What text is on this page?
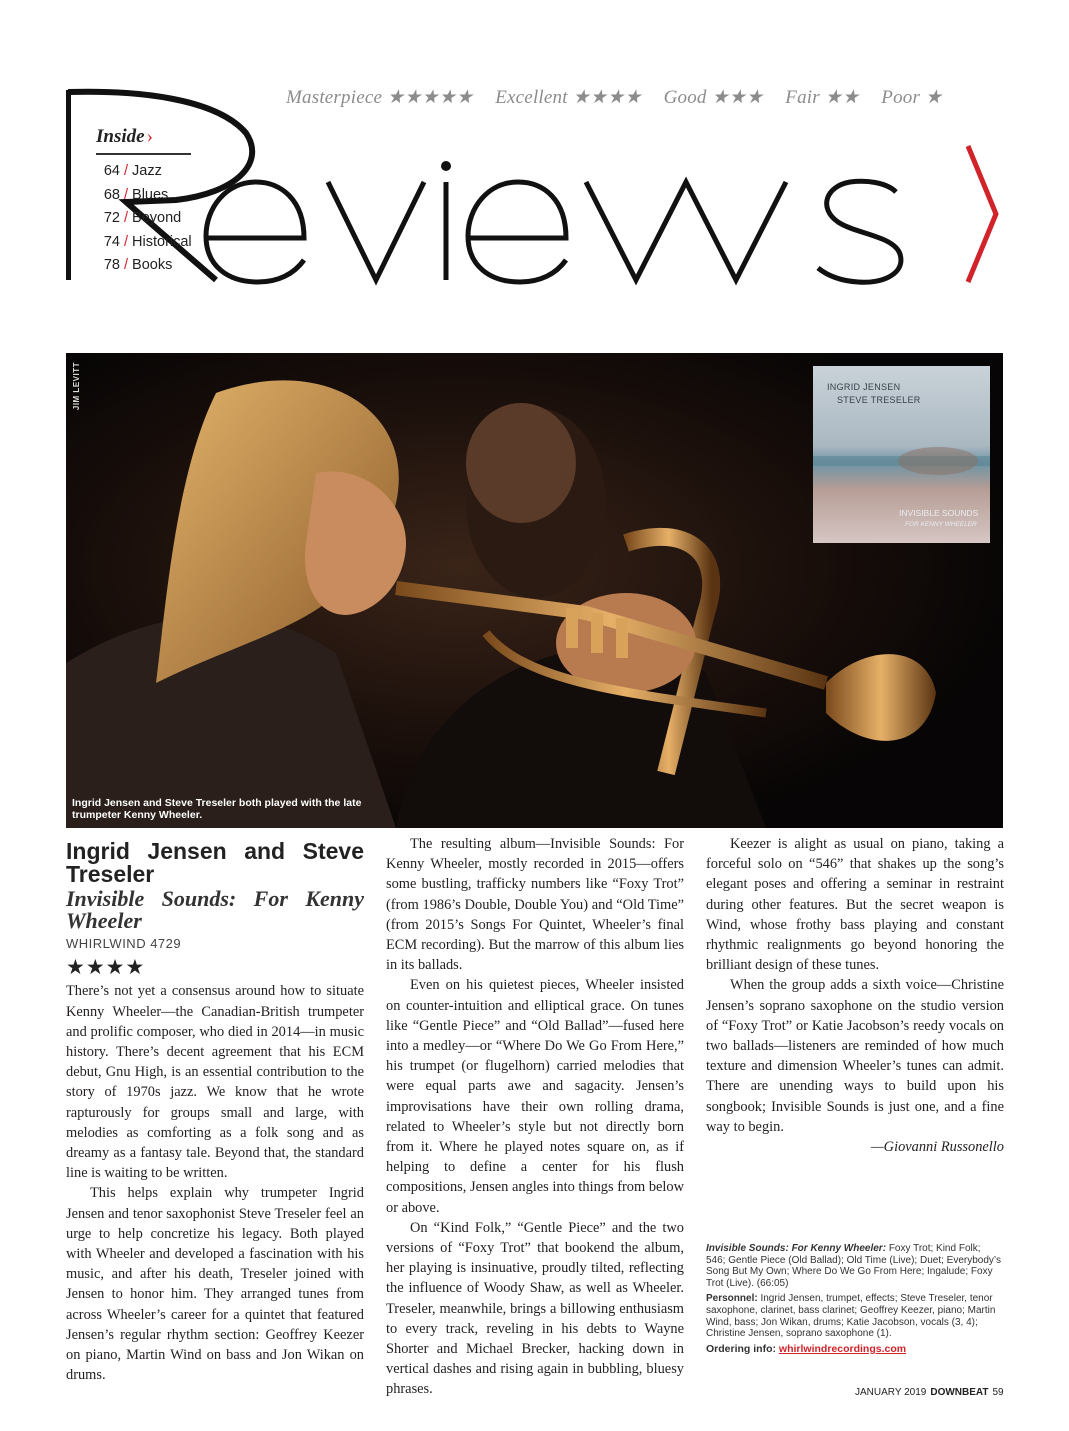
Masterpiece ★★★★★ Excellent ★★★★ Good ★★★ Fair ★★ Poor ★
Inside ›
64 / Jazz
68 / Blues
72 / Beyond
74 / Historical
78 / Books
JIM LEVITT
Ingrid Jensen and Steve Treseler both played with the late trumpeter Kenny Wheeler.
INGRID JENSEN
STEVE TRESELER
INVISIBLE SOUNDS
FOR KENNY WHEELER
Ingrid Jensen and Steve Treseler
Invisible Sounds: For Kenny Wheeler
WHIRLWIND 4729
★★★★

There’s not yet a consensus around how to situate Kenny Wheeler—the Canadian-British trumpeter and prolific composer, who died in 2014—in music history. There’s decent agreement that his ECM debut, Gnu High, is an essential contribution to the story of 1970s jazz. We know that he wrote rapturously for groups small and large, with melodies as comforting as a folk song and as dreamy as a fantasy tale. Beyond that, the standard line is waiting to be written.

This helps explain why trumpeter Ingrid Jensen and tenor saxophonist Steve Treseler feel an urge to help concretize his legacy. Both played with Wheeler and developed a fascination with his music, and after his death, Treseler joined with Jensen to honor him. They arranged tunes from across Wheeler’s career for a quintet that featured Jensen’s regular rhythm section: Geoffrey Keezer on piano, Martin Wind on bass and Jon Wikan on drums.

The resulting album—Invisible Sounds: For Kenny Wheeler, mostly recorded in 2015—offers some bustling, trafficky numbers like “Foxy Trot” (from 1986’s Double, Double You) and “Old Time” (from 2015’s Songs For Quintet, Wheeler’s final ECM recording). But the marrow of this album lies in its ballads.

Even on his quietest pieces, Wheeler insisted on counter-intuition and elliptical grace. On tunes like “Gentle Piece” and “Old Ballad”—fused here into a medley—or “Where Do We Go From Here,” his trumpet (or flugelhorn) carried melodies that were equal parts awe and sagacity. Jensen’s improvisations have their own rolling drama, related to Wheeler’s style but not directly born from it. Where he played notes square on, as if helping to define a center for his flush compositions, Jensen angles into things from below or above.

On “Kind Folk,” “Gentle Piece” and the two versions of “Foxy Trot” that bookend the album, her playing is insinuative, proudly tilted, reflecting the influence of Woody Shaw, as well as Wheeler. Treseler, meanwhile, brings a billowing enthusiasm to every track, reveling in his debts to Wayne Shorter and Michael Brecker, hacking down in vertical dashes and rising again in bubbling, bluesy phrases.

Keezer is alight as usual on piano, taking a forceful solo on “546” that shakes up the song’s elegant poses and offering a seminar in restraint during other features. But the secret weapon is Wind, whose frothy bass playing and constant rhythmic realignments go beyond honoring the brilliant design of these tunes.

When the group adds a sixth voice—Christine Jensen’s soprano saxophone on the studio version of “Foxy Trot” or Katie Jacobson’s reedy vocals on two ballads—listeners are reminded of how much texture and dimension Wheeler’s tunes can admit. There are unending ways to build upon his songbook; Invisible Sounds is just one, and a fine way to begin.

—Giovanni Russonello

Invisible Sounds: For Kenny Wheeler: Foxy Trot; Kind Folk; 546; Gentle Piece (Old Ballad); Old Time (Live); Duet; Everybody’s Song But My Own; Where Do We Go From Here; Ingalude; Foxy Trot (Live). (66:05)

Personnel: Ingrid Jensen, trumpet, effects; Steve Treseler, tenor saxophone, clarinet, bass clarinet; Geoffrey Keezer, piano; Martin Wind, bass; Jon Wikan, drums; Katie Jacobson, vocals (3, 4); Christine Jensen, soprano saxophone (1).

Ordering info: whirlwindrecordings.com

JANUARY 2019 DOWNBEAT 59
